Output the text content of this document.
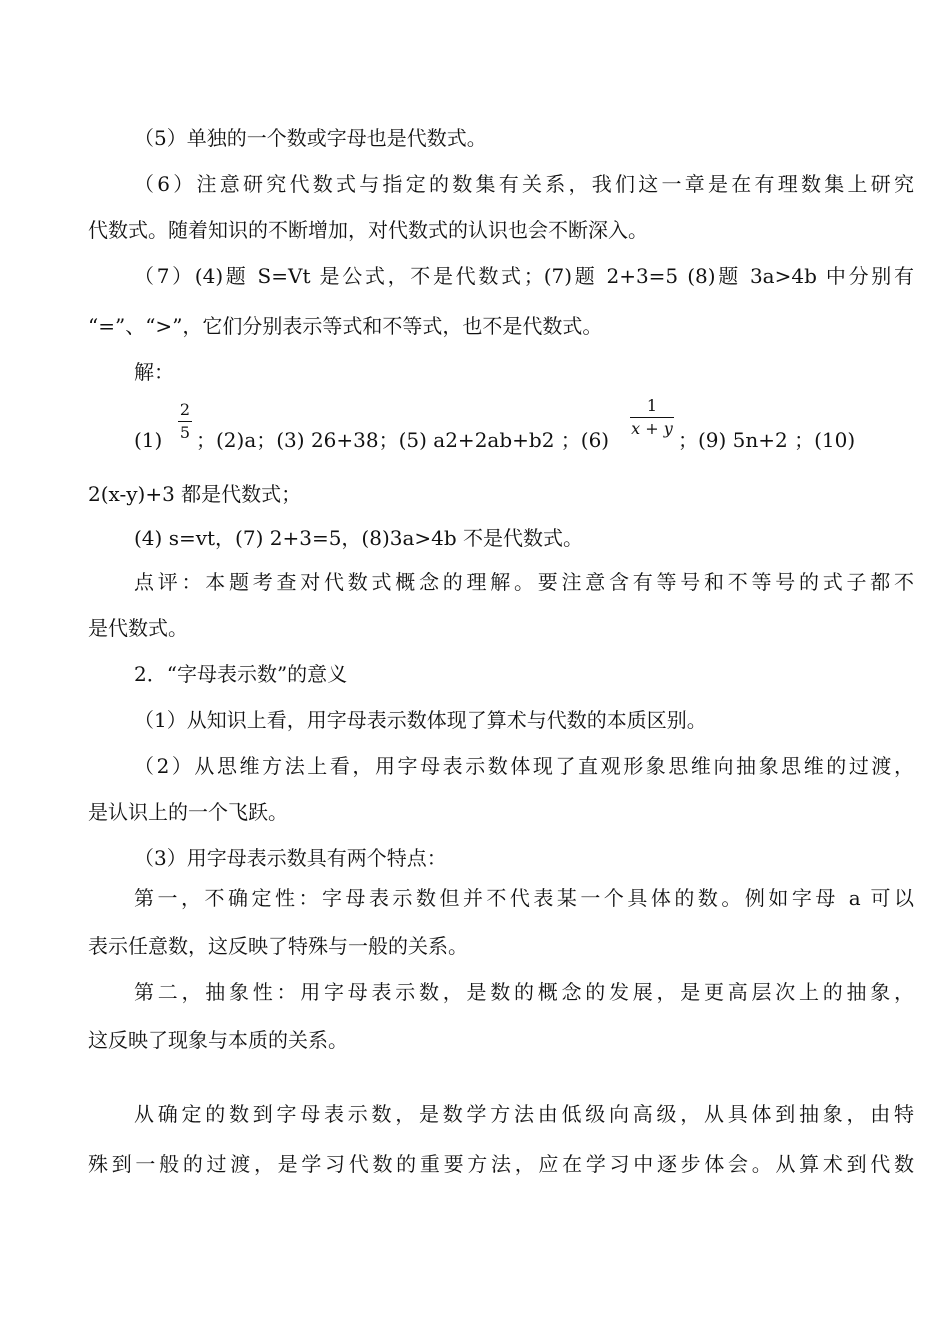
（5）单独的一个数或字母也是代数式。
（6）注意研究代数式与指定的数集有关系，我们这一章是在有理数集上研究
代数式。随着知识的不断增加，对代数式的认识也会不断深入。
（7）(4)题 S=Vt 是公式，不是代数式；(7)题 2+3=5 (8)题 3a>4b 中分别有
“=”、“>”，它们分别表示等式和不等式，也不是代数式。
解：
(1)
2
5 ；(2)a；(3) 26+38；(5) a2+2ab+b2 ；(6)
1
x + y ；(9) 5n+2 ；(10)
2(x-y)+3 都是代数式；
(4) s=vt，(7) 2+3=5，(8)3a>4b 不是代数式。
点评：本题考查对代数式概念的理解。要注意含有等号和不等号的式子都不
是代数式。
2．“字母表示数”的意义
（1）从知识上看，用字母表示数体现了算术与代数的本质区别。
（2）从思维方法上看，用字母表示数体现了直观形象思维向抽象思维的过渡，
是认识上的一个飞跃。
（3）用字母表示数具有两个特点：
第一，不确定性：字母表示数但并不代表某一个具体的数。例如字母 a 可以
表示任意数，这反映了特殊与一般的关系。
第二，抽象性：用字母表示数，是数的概念的发展，是更高层次上的抽象，
这反映了现象与本质的关系。
从确定的数到字母表示数，是数学方法由低级向高级，从具体到抽象，由特
殊到一般的过渡，是学习代数的重要方法，应在学习中逐步体会。从算术到代数
